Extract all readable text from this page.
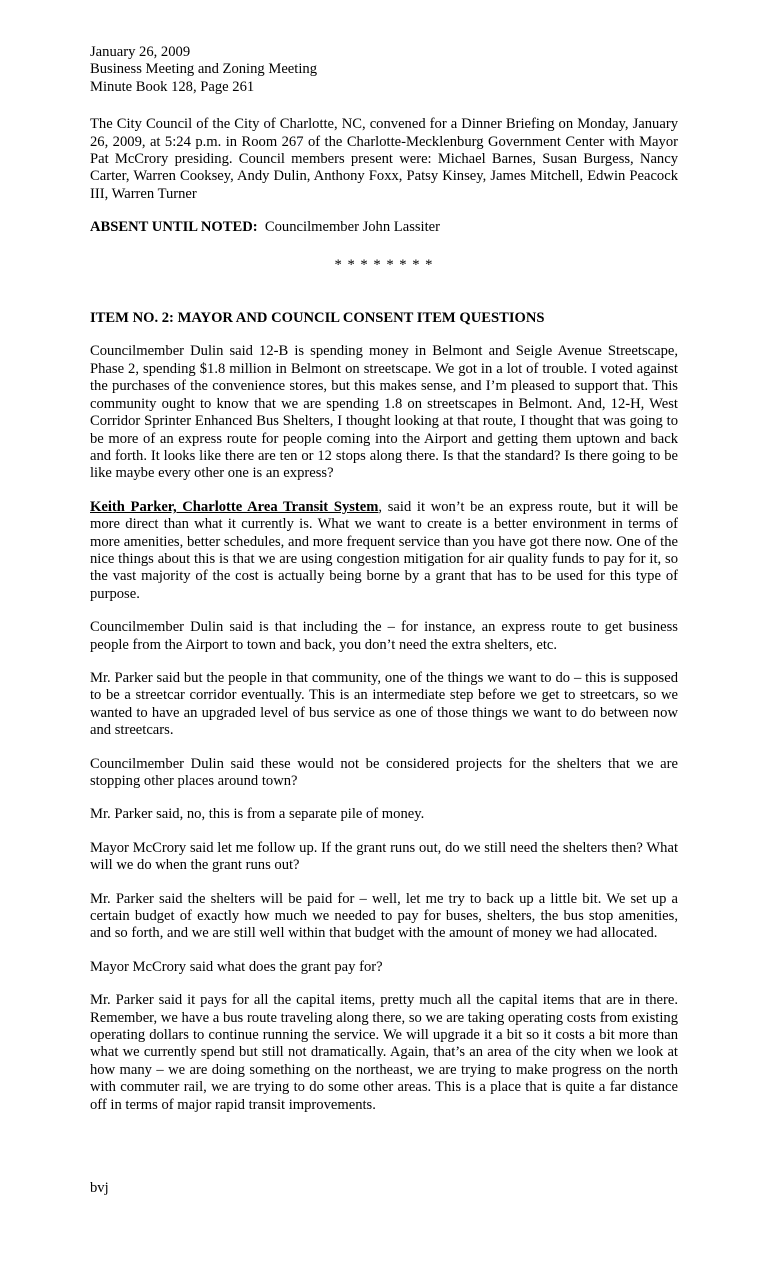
January 26, 2009
Business Meeting and Zoning Meeting
Minute Book 128, Page 261

The City Council of the City of Charlotte, NC, convened for a Dinner Briefing on Monday, January 26, 2009, at 5:24 p.m. in Room 267 of the Charlotte-Mecklenburg Government Center with Mayor Pat McCrory presiding. Council members present were: Michael Barnes, Susan Burgess, Nancy Carter, Warren Cooksey, Andy Dulin, Anthony Foxx, Patsy Kinsey, James Mitchell, Edwin Peacock III, Warren Turner

ABSENT UNTIL NOTED: Councilmember John Lassiter

* * * * * * * *

ITEM NO. 2: MAYOR AND COUNCIL CONSENT ITEM QUESTIONS

Councilmember Dulin said 12-B is spending money in Belmont and Seigle Avenue Streetscape, Phase 2, spending $1.8 million in Belmont on streetscape. We got in a lot of trouble. I voted against the purchases of the convenience stores, but this makes sense, and I’m pleased to support that. This community ought to know that we are spending 1.8 on streetscapes in Belmont. And, 12-H, West Corridor Sprinter Enhanced Bus Shelters, I thought looking at that route, I thought that was going to be more of an express route for people coming into the Airport and getting them uptown and back and forth. It looks like there are ten or 12 stops along there. Is that the standard? Is there going to be like maybe every other one is an express?

Keith Parker, Charlotte Area Transit System, said it won’t be an express route, but it will be more direct than what it currently is. What we want to create is a better environment in terms of more amenities, better schedules, and more frequent service than you have got there now. One of the nice things about this is that we are using congestion mitigation for air quality funds to pay for it, so the vast majority of the cost is actually being borne by a grant that has to be used for this type of purpose.

Councilmember Dulin said is that including the – for instance, an express route to get business people from the Airport to town and back, you don’t need the extra shelters, etc.

Mr. Parker said but the people in that community, one of the things we want to do – this is supposed to be a streetcar corridor eventually. This is an intermediate step before we get to streetcars, so we wanted to have an upgraded level of bus service as one of those things we want to do between now and streetcars.

Councilmember Dulin said these would not be considered projects for the shelters that we are stopping other places around town?

Mr. Parker said, no, this is from a separate pile of money.

Mayor McCrory said let me follow up. If the grant runs out, do we still need the shelters then? What will we do when the grant runs out?

Mr. Parker said the shelters will be paid for – well, let me try to back up a little bit. We set up a certain budget of exactly how much we needed to pay for buses, shelters, the bus stop amenities, and so forth, and we are still well within that budget with the amount of money we had allocated.

Mayor McCrory said what does the grant pay for?

Mr. Parker said it pays for all the capital items, pretty much all the capital items that are in there. Remember, we have a bus route traveling along there, so we are taking operating costs from existing operating dollars to continue running the service. We will upgrade it a bit so it costs a bit more than what we currently spend but still not dramatically. Again, that’s an area of the city when we look at how many – we are doing something on the northeast, we are trying to make progress on the north with commuter rail, we are trying to do some other areas. This is a place that is quite a far distance off in terms of major rapid transit improvements.

bvj
